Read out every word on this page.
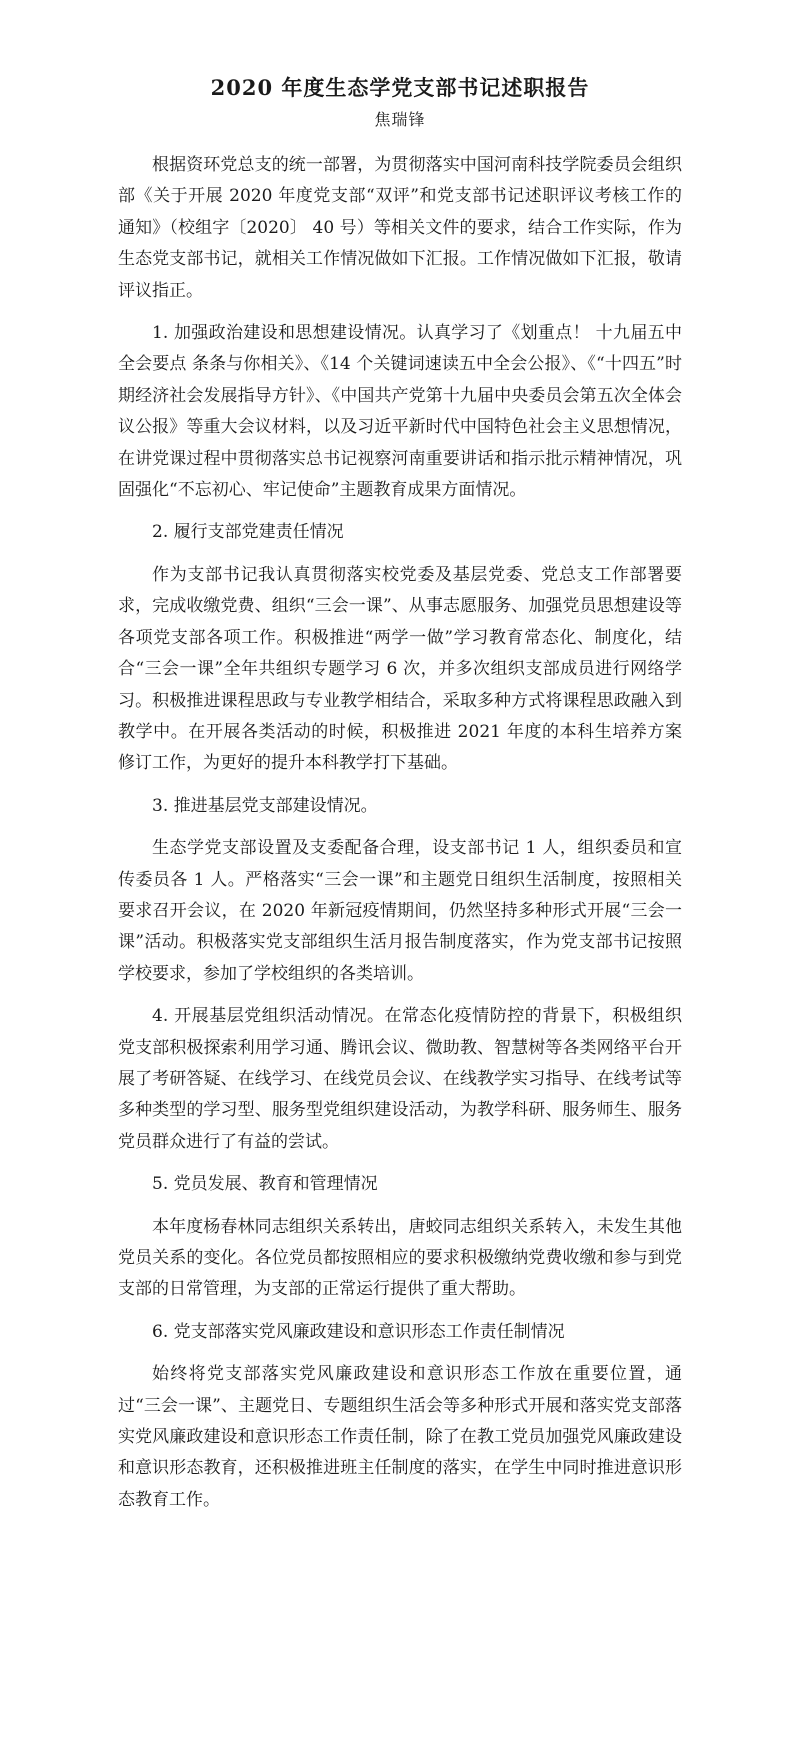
2020 年度生态学党支部书记述职报告
焦瑞锋

根据资环党总支的统一部署，为贯彻落实中国河南科技学院委员会组织部《关于开展 2020 年度党支部“双评”和党支部书记述职评议考核工作的通知》（校组字〔2020〕 40 号）等相关文件的要求，结合工作实际，作为生态党支部书记，就相关工作情况做如下汇报。工作情况做如下汇报，敬请评议指正。

1. 加强政治建设和思想建设情况。认真学习了《划重点！ 十九届五中全会要点 条条与你相关》、《14 个关键词速读五中全会公报》、《“十四五”时期经济社会发展指导方针》、《中国共产党第十九届中央委员会第五次全体会议公报》等重大会议材料，以及习近平新时代中国特色社会主义思想情况，在讲党课过程中贯彻落实总书记视察河南重要讲话和指示批示精神情况，巩固强化“不忘初心、牢记使命”主题教育成果方面情况。

2. 履行支部党建责任情况

作为支部书记我认真贯彻落实校党委及基层党委、党总支工作部署要求，完成收缴党费、组织“三会一课”、从事志愿服务、加强党员思想建设等各项党支部各项工作。积极推进“两学一做”学习教育常态化、制度化，结合“三会一课”全年共组织专题学习 6 次，并多次组织支部成员进行网络学习。积极推进课程思政与专业教学相结合，采取多种方式将课程思政融入到教学中。在开展各类活动的时候，积极推进 2021 年度的本科生培养方案修订工作，为更好的提升本科教学打下基础。

3. 推进基层党支部建设情况。

生态学党支部设置及支委配备合理，设支部书记 1 人，组织委员和宣传委员各 1 人。严格落实“三会一课”和主题党日组织生活制度，按照相关要求召开会议，在 2020 年新冠疫情期间，仍然坚持多种形式开展“三会一课”活动。积极落实党支部组织生活月报告制度落实，作为党支部书记按照学校要求，参加了学校组织的各类培训。

4. 开展基层党组织活动情况。在常态化疫情防控的背景下，积极组织党支部积极探索利用学习通、腾讯会议、微助教、智慧树等各类网络平台开展了考研答疑、在线学习、在线党员会议、在线教学实习指导、在线考试等多种类型的学习型、服务型党组织建设活动，为教学科研、服务师生、服务党员群众进行了有益的尝试。

5. 党员发展、教育和管理情况

本年度杨春林同志组织关系转出，唐蛟同志组织关系转入，未发生其他党员关系的变化。各位党员都按照相应的要求积极缴纳党费收缴和参与到党支部的日常管理，为支部的正常运行提供了重大帮助。

6. 党支部落实党风廉政建设和意识形态工作责任制情况

始终将党支部落实党风廉政建设和意识形态工作放在重要位置，通过“三会一课”、主题党日、专题组织生活会等多种形式开展和落实党支部落实党风廉政建设和意识形态工作责任制，除了在教工党员加强党风廉政建设和意识形态教育，还积极推进班主任制度的落实，在学生中同时推进意识形态教育工作。
